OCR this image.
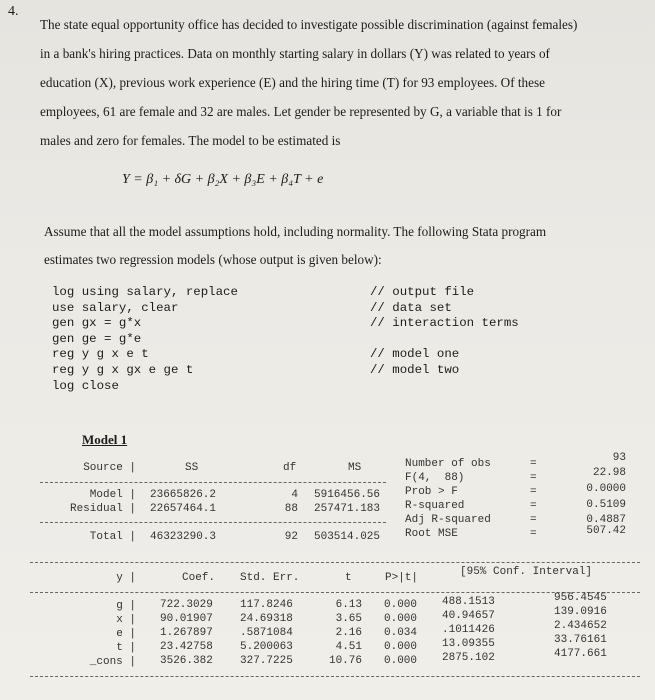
4.
The state equal opportunity office has decided to investigate possible discrimination (against females)
in a bank's hiring practices. Data on monthly starting salary in dollars (Y) was related to years of
education (X), previous work experience (E) and the hiring time (T) for 93 employees. Of these
employees, 61 are female and 32 are males. Let gender be represented by G, a variable that is 1 for
males and zero for females. The model to be estimated is
Y = β₁ + δG + β₂X + β₃E + β₄T + e
Assume that all the model assumptions hold, including normality. The following Stata program
estimates two regression models (whose output is given below):
log using salary, replace	// output file
use salary, clear	// data set
gen gx = g*x	// interaction terms
gen ge = g*e
reg y g x e t	// model one
reg y g x gx e ge t	// model two
log close
Model 1
Source |	SS	df	MS
Model | 23665826.2	4 5916456.56
Residual | 22657464.1	88 257471.183
Total | 46323290.3	92 503514.025
Number of obs	=	93
F(4,  88)	=	22.98
Prob > F	=	0.0000
R-squared	=	0.5109
Adj R-squared	=	0.4887
Root MSE	=	507.42
y |	Coef. Std. Err.	t	P>|t|	[95% Conf. Interval]
g | 722.3029 117.8246	6.13 0.000 488.1513	956.4545
x | 90.01907 24.69318	3.65 0.000 40.94657	139.0916
e | 1.267897 .5871084	2.16 0.034 .1011426	2.434652
t | 23.42758 5.200063	4.51 0.000 13.09355	33.76161
_cons | 3526.382 327.7225	10.76 0.000 2875.102	4177.661
